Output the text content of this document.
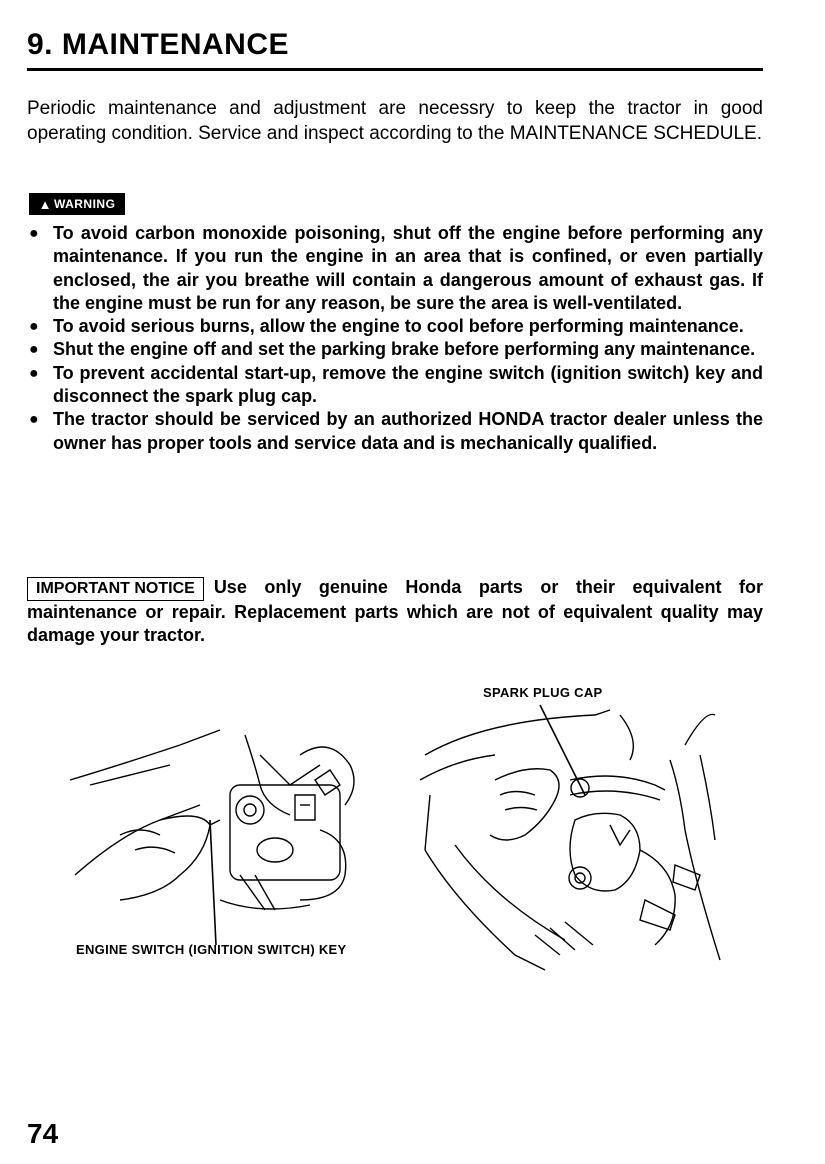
9. MAINTENANCE

Periodic maintenance and adjustment are necessry to keep the tractor in good operating condition. Service and inspect according to the MAINTENANCE SCHEDULE.

▲ WARNING
● To avoid carbon monoxide poisoning, shut off the engine before performing any maintenance. If you run the engine in an area that is confined, or even partially enclosed, the air you breathe will contain a dangerous amount of exhaust gas. If the engine must be run for any reason, be sure the area is well-ventilated.
● To avoid serious burns, allow the engine to cool before performing maintenance.
● Shut the engine off and set the parking brake before performing any maintenance.
● To prevent accidental start-up, remove the engine switch (ignition switch) key and disconnect the spark plug cap.
● The tractor should be serviced by an authorized HONDA tractor dealer unless the owner has proper tools and service data and is mechanically qualified.
IMPORTANT NOTICE Use only genuine Honda parts or their equivalent for maintenance or repair. Replacement parts which are not of equivalent quality may damage your tractor.
ENGINE SWITCH (IGNITION SWITCH) KEY
SPARK PLUG CAP
74
